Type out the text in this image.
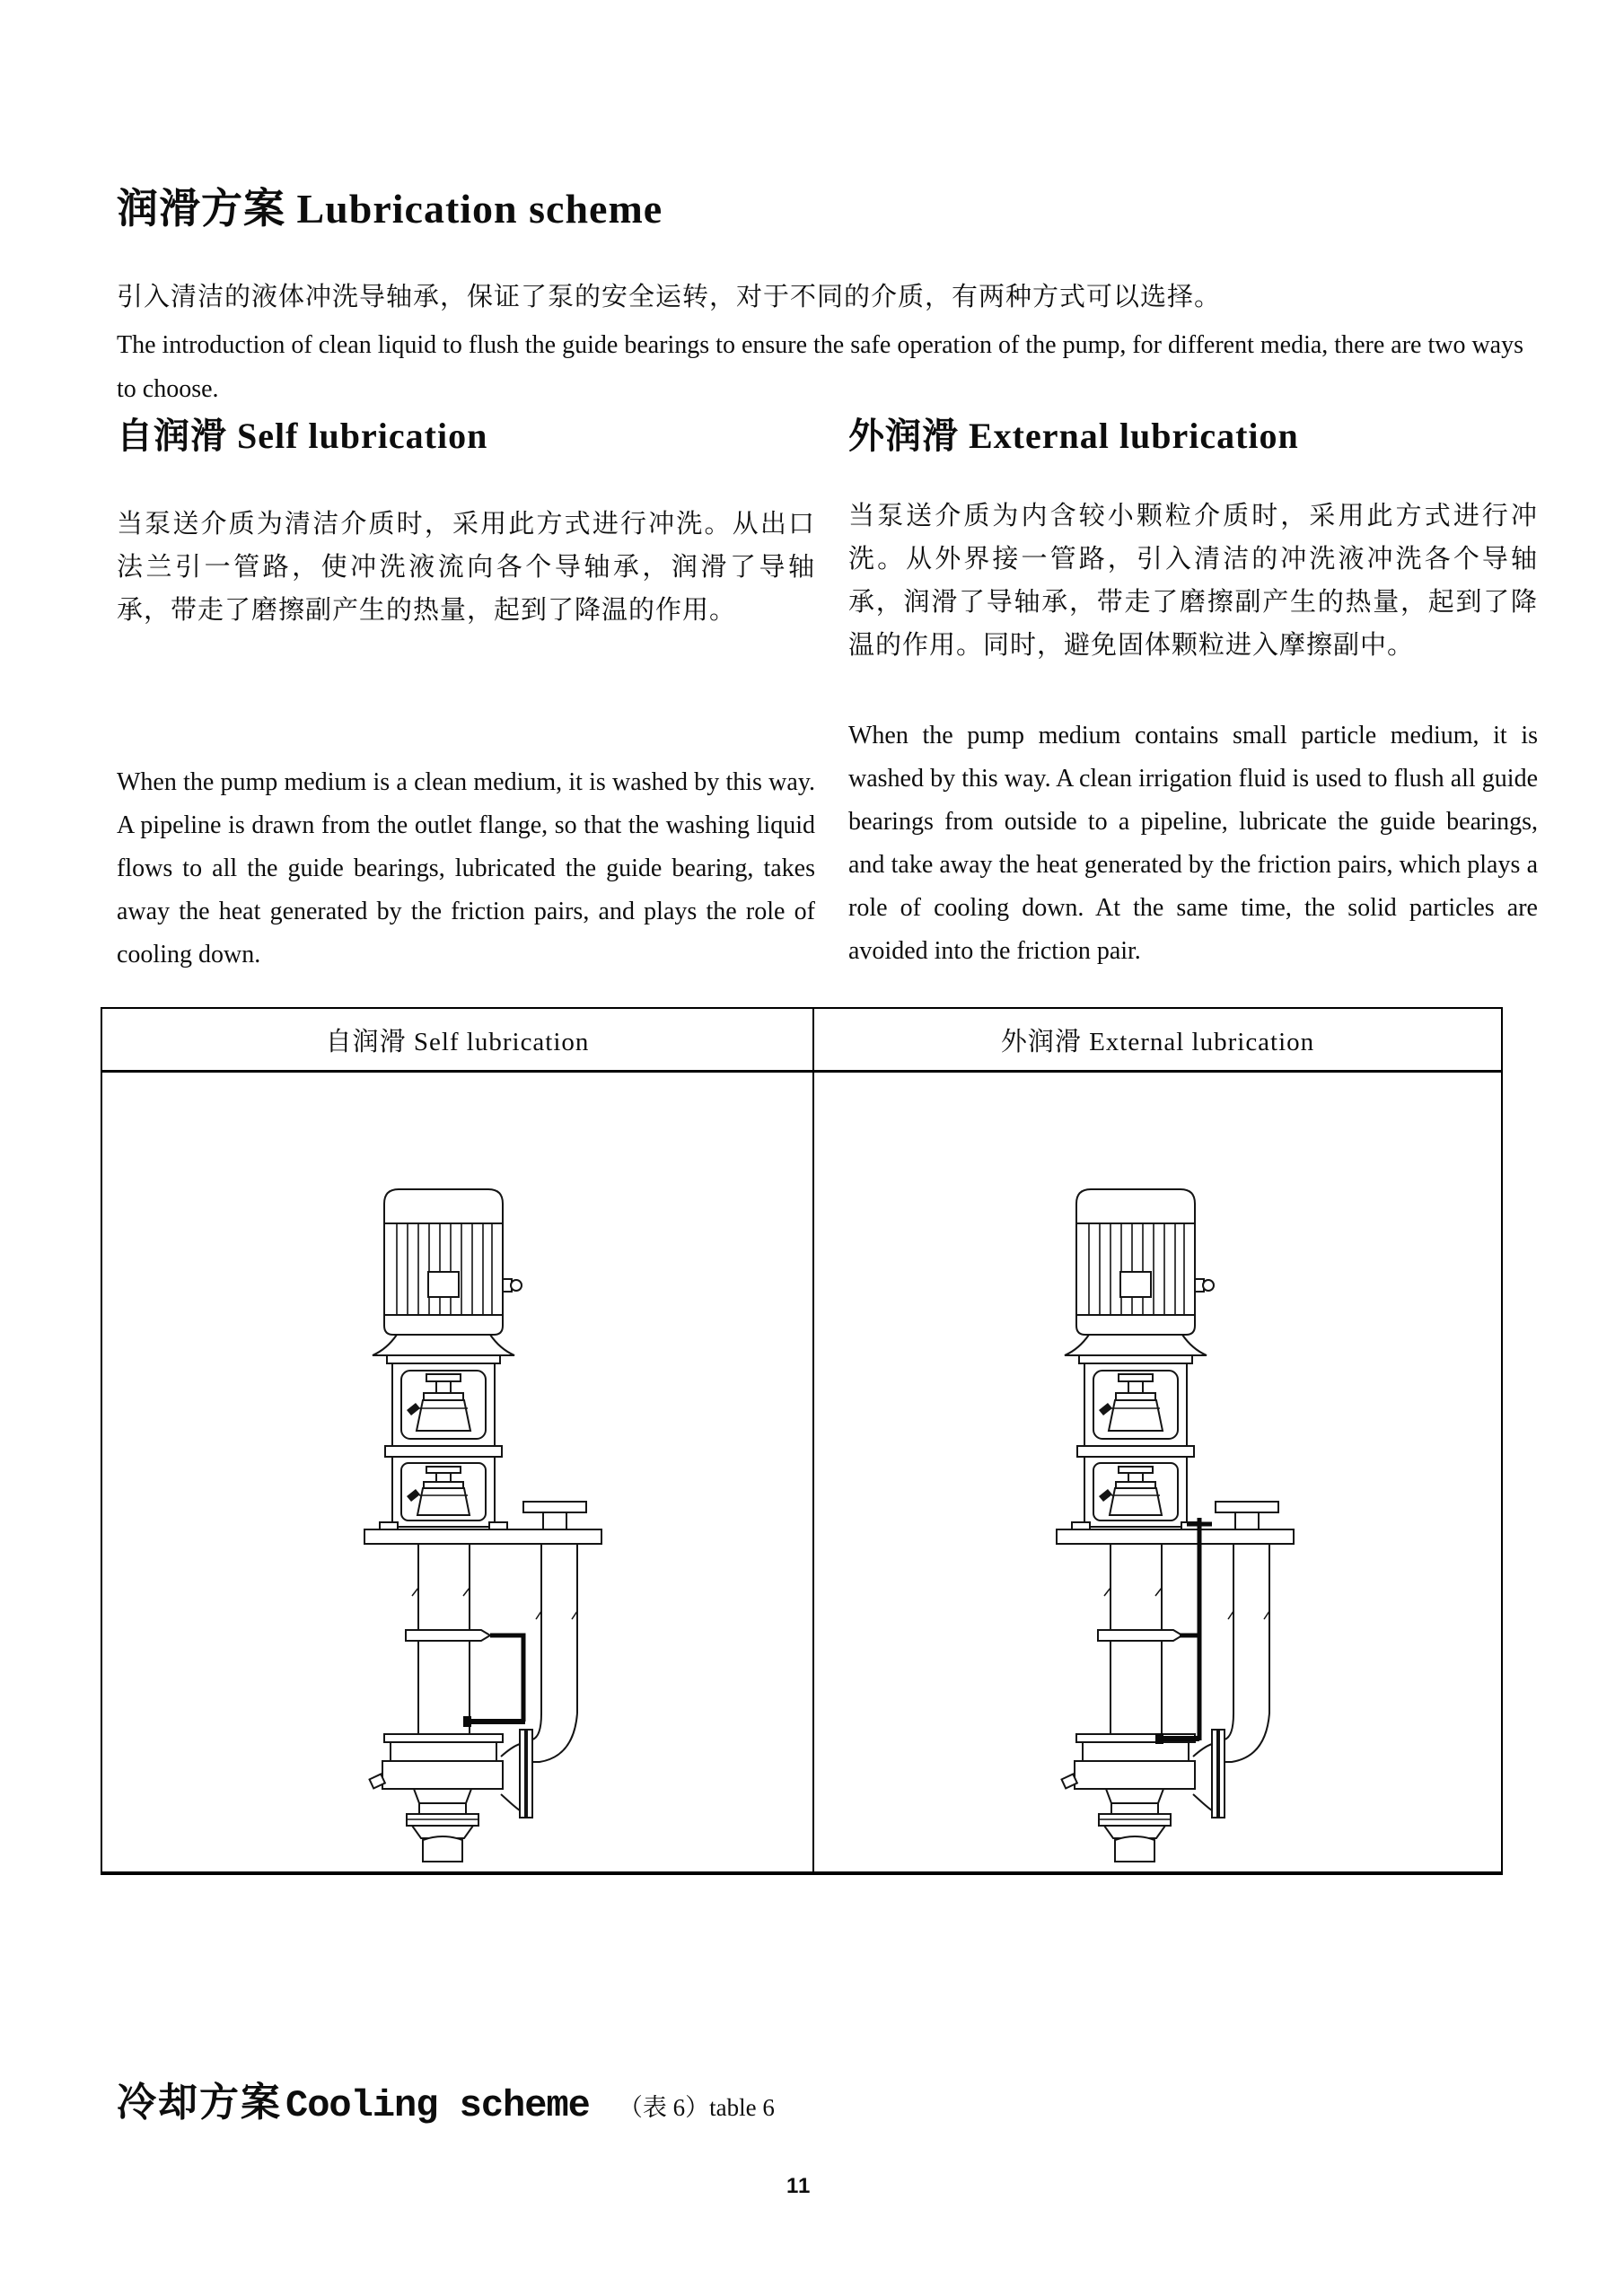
润滑方案 Lubrication scheme
引入清洁的液体冲洗导轴承，保证了泵的安全运转，对于不同的介质，有两种方式可以选择。
The introduction of clean liquid to flush the guide bearings to ensure the safe operation of the pump, for different media, there are two ways to choose.
自润滑 Self lubrication	外润滑 External lubrication
当泵送介质为清洁介质时，采用此方式进行冲洗。从出口法兰引一管路，使冲洗液流向各个导轴承，润滑了导轴承，带走了磨擦副产生的热量，起到了降温的作用。
当泵送介质为内含较小颗粒介质时，采用此方式进行冲洗。从外界接一管路，引入清洁的冲洗液冲洗各个导轴承，润滑了导轴承，带走了磨擦副产生的热量，起到了降温的作用。同时，避免固体颗粒进入摩擦副中。
When the pump medium is a clean medium, it is washed by this way. A pipeline is drawn from the outlet flange, so that the washing liquid flows to all the guide bearings, lubricated the guide bearing, takes away the heat generated by the friction pairs, and plays the role of cooling down.
When the pump medium contains small particle medium, it is washed by this way. A clean irrigation fluid is used to flush all guide bearings from outside to a pipeline, lubricate the guide bearings, and take away the heat generated by the friction pairs, which plays a role of cooling down. At the same time, the solid particles are avoided into the friction pair.
自润滑 Self lubrication	外润滑 External lubrication
冷却方案 Cooling scheme （表 6）table 6
11
